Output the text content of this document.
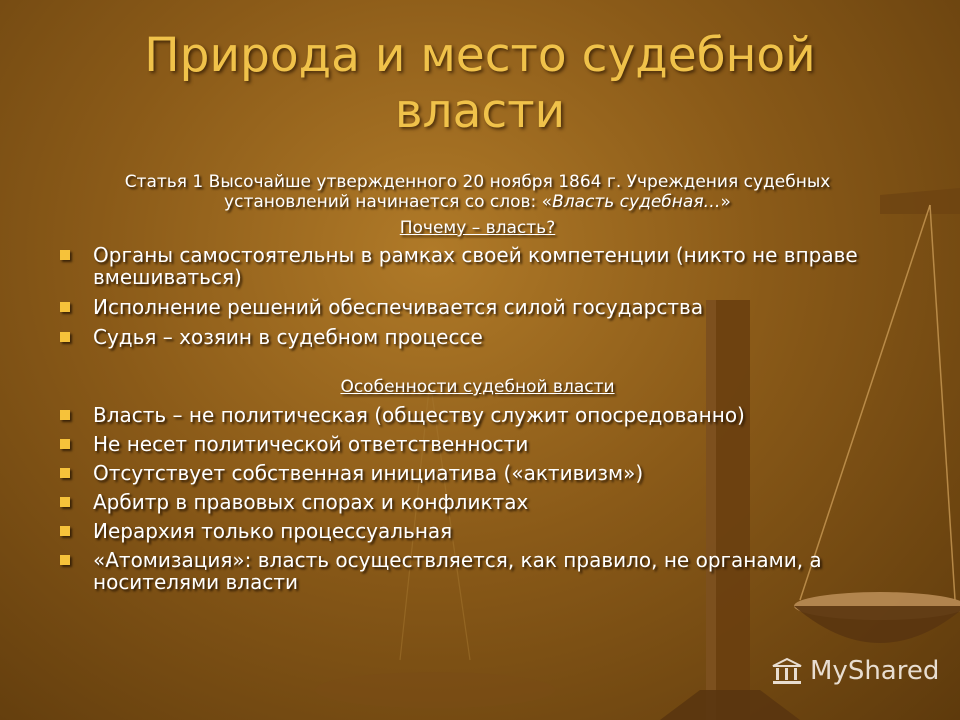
Природа и место судебной власти
Статья 1 Высочайше утвержденного 20 ноября 1864 г. Учреждения судебных установлений начинается со слов: «Власть судебная…»
Почему – власть?
Органы самостоятельны в рамках своей компетенции (никто не вправе вмешиваться)
Исполнение решений обеспечивается силой государства
Судья – хозяин в судебном процессе
Особенности судебной власти
Власть – не политическая (обществу служит опосредованно)
Не несет политической ответственности
Отсутствует собственная инициатива («активизм»)
Арбитр в правовых спорах и конфликтах
Иерархия только процессуальная
«Атомизация»: власть осуществляется, как правило, не органами, а носителями власти
MyShared
